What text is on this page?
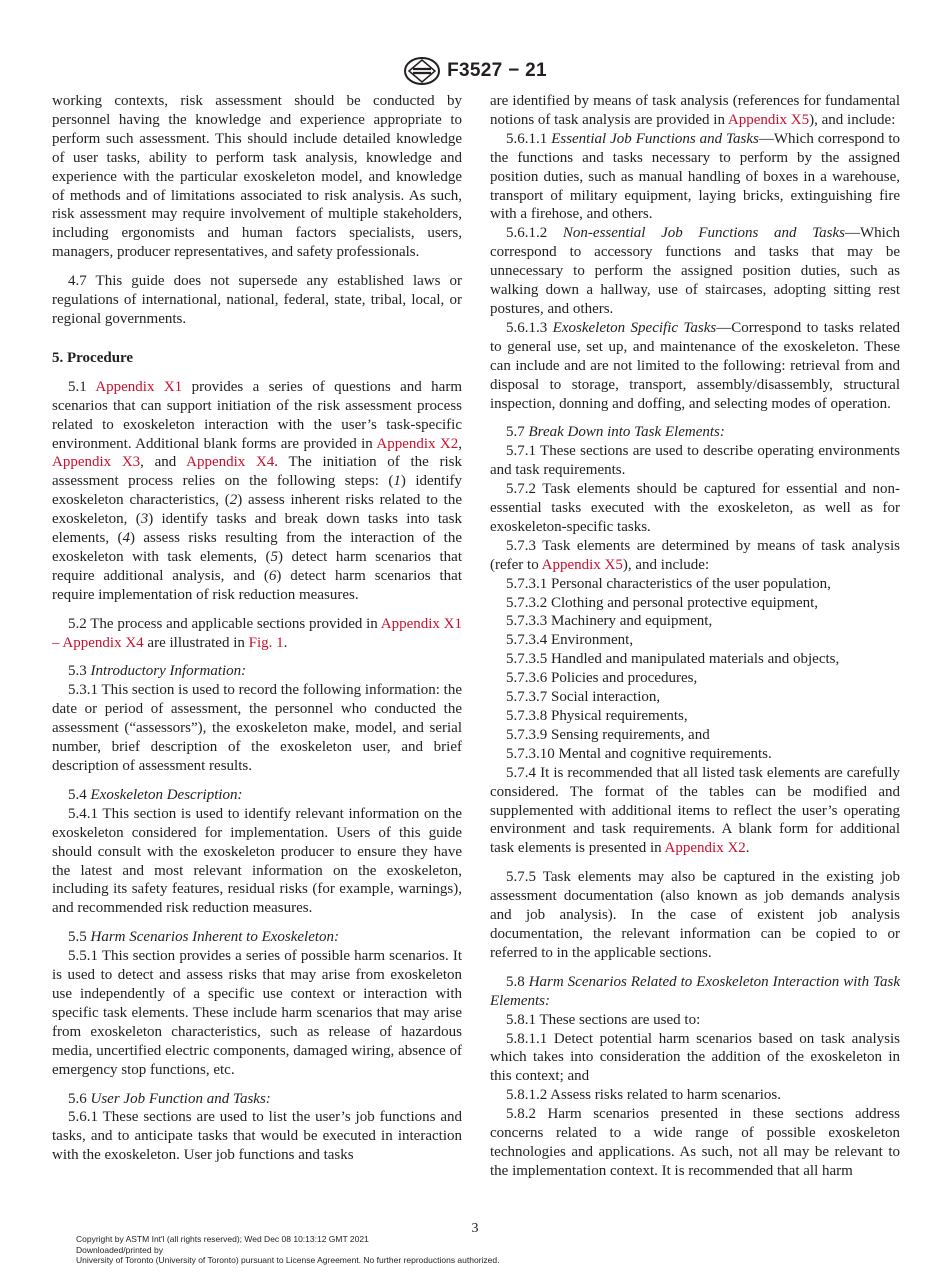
F3527 − 21

working contexts, risk assessment should be conducted by personnel having the knowledge and experience appropriate to perform such assessment. This should include detailed knowledge of user tasks, ability to perform task analysis, knowledge and experience with the particular exoskeleton model, and knowledge of methods and of limitations associated to risk analysis. As such, risk assessment may require involvement of multiple stakeholders, including ergonomists and human factors specialists, users, managers, producer representatives, and safety professionals.

4.7 This guide does not supersede any established laws or regulations of international, national, federal, state, tribal, local, or regional governments.

5. Procedure

5.1 Appendix X1 provides a series of questions and harm scenarios that can support initiation of the risk assessment process related to exoskeleton interaction with the user’s task-specific environment. Additional blank forms are provided in Appendix X2, Appendix X3, and Appendix X4. The initiation of the risk assessment process relies on the following steps: (1) identify exoskeleton characteristics, (2) assess inherent risks related to the exoskeleton, (3) identify tasks and break down tasks into task elements, (4) assess risks resulting from the interaction of the exoskeleton with task elements, (5) detect harm scenarios that require additional analysis, and (6) detect harm scenarios that require implementation of risk reduction measures.

5.2 The process and applicable sections provided in Appendix X1 – Appendix X4 are illustrated in Fig. 1.

5.3 Introductory Information:

5.3.1 This section is used to record the following information: the date or period of assessment, the personnel who conducted the assessment (“assessors”), the exoskeleton make, model, and serial number, brief description of the exoskeleton user, and brief description of assessment results.

5.4 Exoskeleton Description:

5.4.1 This section is used to identify relevant information on the exoskeleton considered for implementation. Users of this guide should consult with the exoskeleton producer to ensure they have the latest and most relevant information on the exoskeleton, including its safety features, residual risks (for example, warnings), and recommended risk reduction measures.

5.5 Harm Scenarios Inherent to Exoskeleton:

5.5.1 This section provides a series of possible harm scenarios. It is used to detect and assess risks that may arise from exoskeleton use independently of a specific use context or interaction with specific task elements. These include harm scenarios that may arise from exoskeleton characteristics, such as release of hazardous media, uncertified electric components, damaged wiring, absence of emergency stop functions, etc.

5.6 User Job Function and Tasks:

5.6.1 These sections are used to list the user’s job functions and tasks, and to anticipate tasks that would be executed in interaction with the exoskeleton. User job functions and tasks

are identified by means of task analysis (references for fundamental notions of task analysis are provided in Appendix X5), and include:

5.6.1.1 Essential Job Functions and Tasks—Which correspond to the functions and tasks necessary to perform by the assigned position duties, such as manual handling of boxes in a warehouse, transport of military equipment, laying bricks, extinguishing fire with a firehose, and others.

5.6.1.2 Non-essential Job Functions and Tasks—Which correspond to accessory functions and tasks that may be unnecessary to perform the assigned position duties, such as walking down a hallway, use of staircases, adopting sitting rest postures, and others.

5.6.1.3 Exoskeleton Specific Tasks—Correspond to tasks related to general use, set up, and maintenance of the exoskeleton. These can include and are not limited to the following: retrieval from and disposal to storage, transport, assembly/disassembly, structural inspection, donning and doffing, and selecting modes of operation.

5.7 Break Down into Task Elements:

5.7.1 These sections are used to describe operating environments and task requirements.

5.7.2 Task elements should be captured for essential and non-essential tasks executed with the exoskeleton, as well as for exoskeleton-specific tasks.

5.7.3 Task elements are determined by means of task analysis (refer to Appendix X5), and include:

5.7.3.1 Personal characteristics of the user population,

5.7.3.2 Clothing and personal protective equipment,

5.7.3.3 Machinery and equipment,

5.7.3.4 Environment,

5.7.3.5 Handled and manipulated materials and objects,

5.7.3.6 Policies and procedures,

5.7.3.7 Social interaction,

5.7.3.8 Physical requirements,

5.7.3.9 Sensing requirements, and

5.7.3.10 Mental and cognitive requirements.

5.7.4 It is recommended that all listed task elements are carefully considered. The format of the tables can be modified and supplemented with additional items to reflect the user’s operating environment and task requirements. A blank form for additional task elements is presented in Appendix X2.

5.7.5 Task elements may also be captured in the existing job assessment documentation (also known as job demands analysis and job analysis). In the case of existent job analysis documentation, the relevant information can be copied to or referred to in the applicable sections.

5.8 Harm Scenarios Related to Exoskeleton Interaction with Task Elements:

5.8.1 These sections are used to:

5.8.1.1 Detect potential harm scenarios based on task analysis which takes into consideration the addition of the exoskeleton in this context; and

5.8.1.2 Assess risks related to harm scenarios.

5.8.2 Harm scenarios presented in these sections address concerns related to a wide range of possible exoskeleton technologies and applications. As such, not all may be relevant to the implementation context. It is recommended that all harm

3
Copyright by ASTM Int'l (all rights reserved); Wed Dec 08 10:13:12 GMT 2021
Downloaded/printed by
University of Toronto (University of Toronto) pursuant to License Agreement. No further reproductions authorized.
